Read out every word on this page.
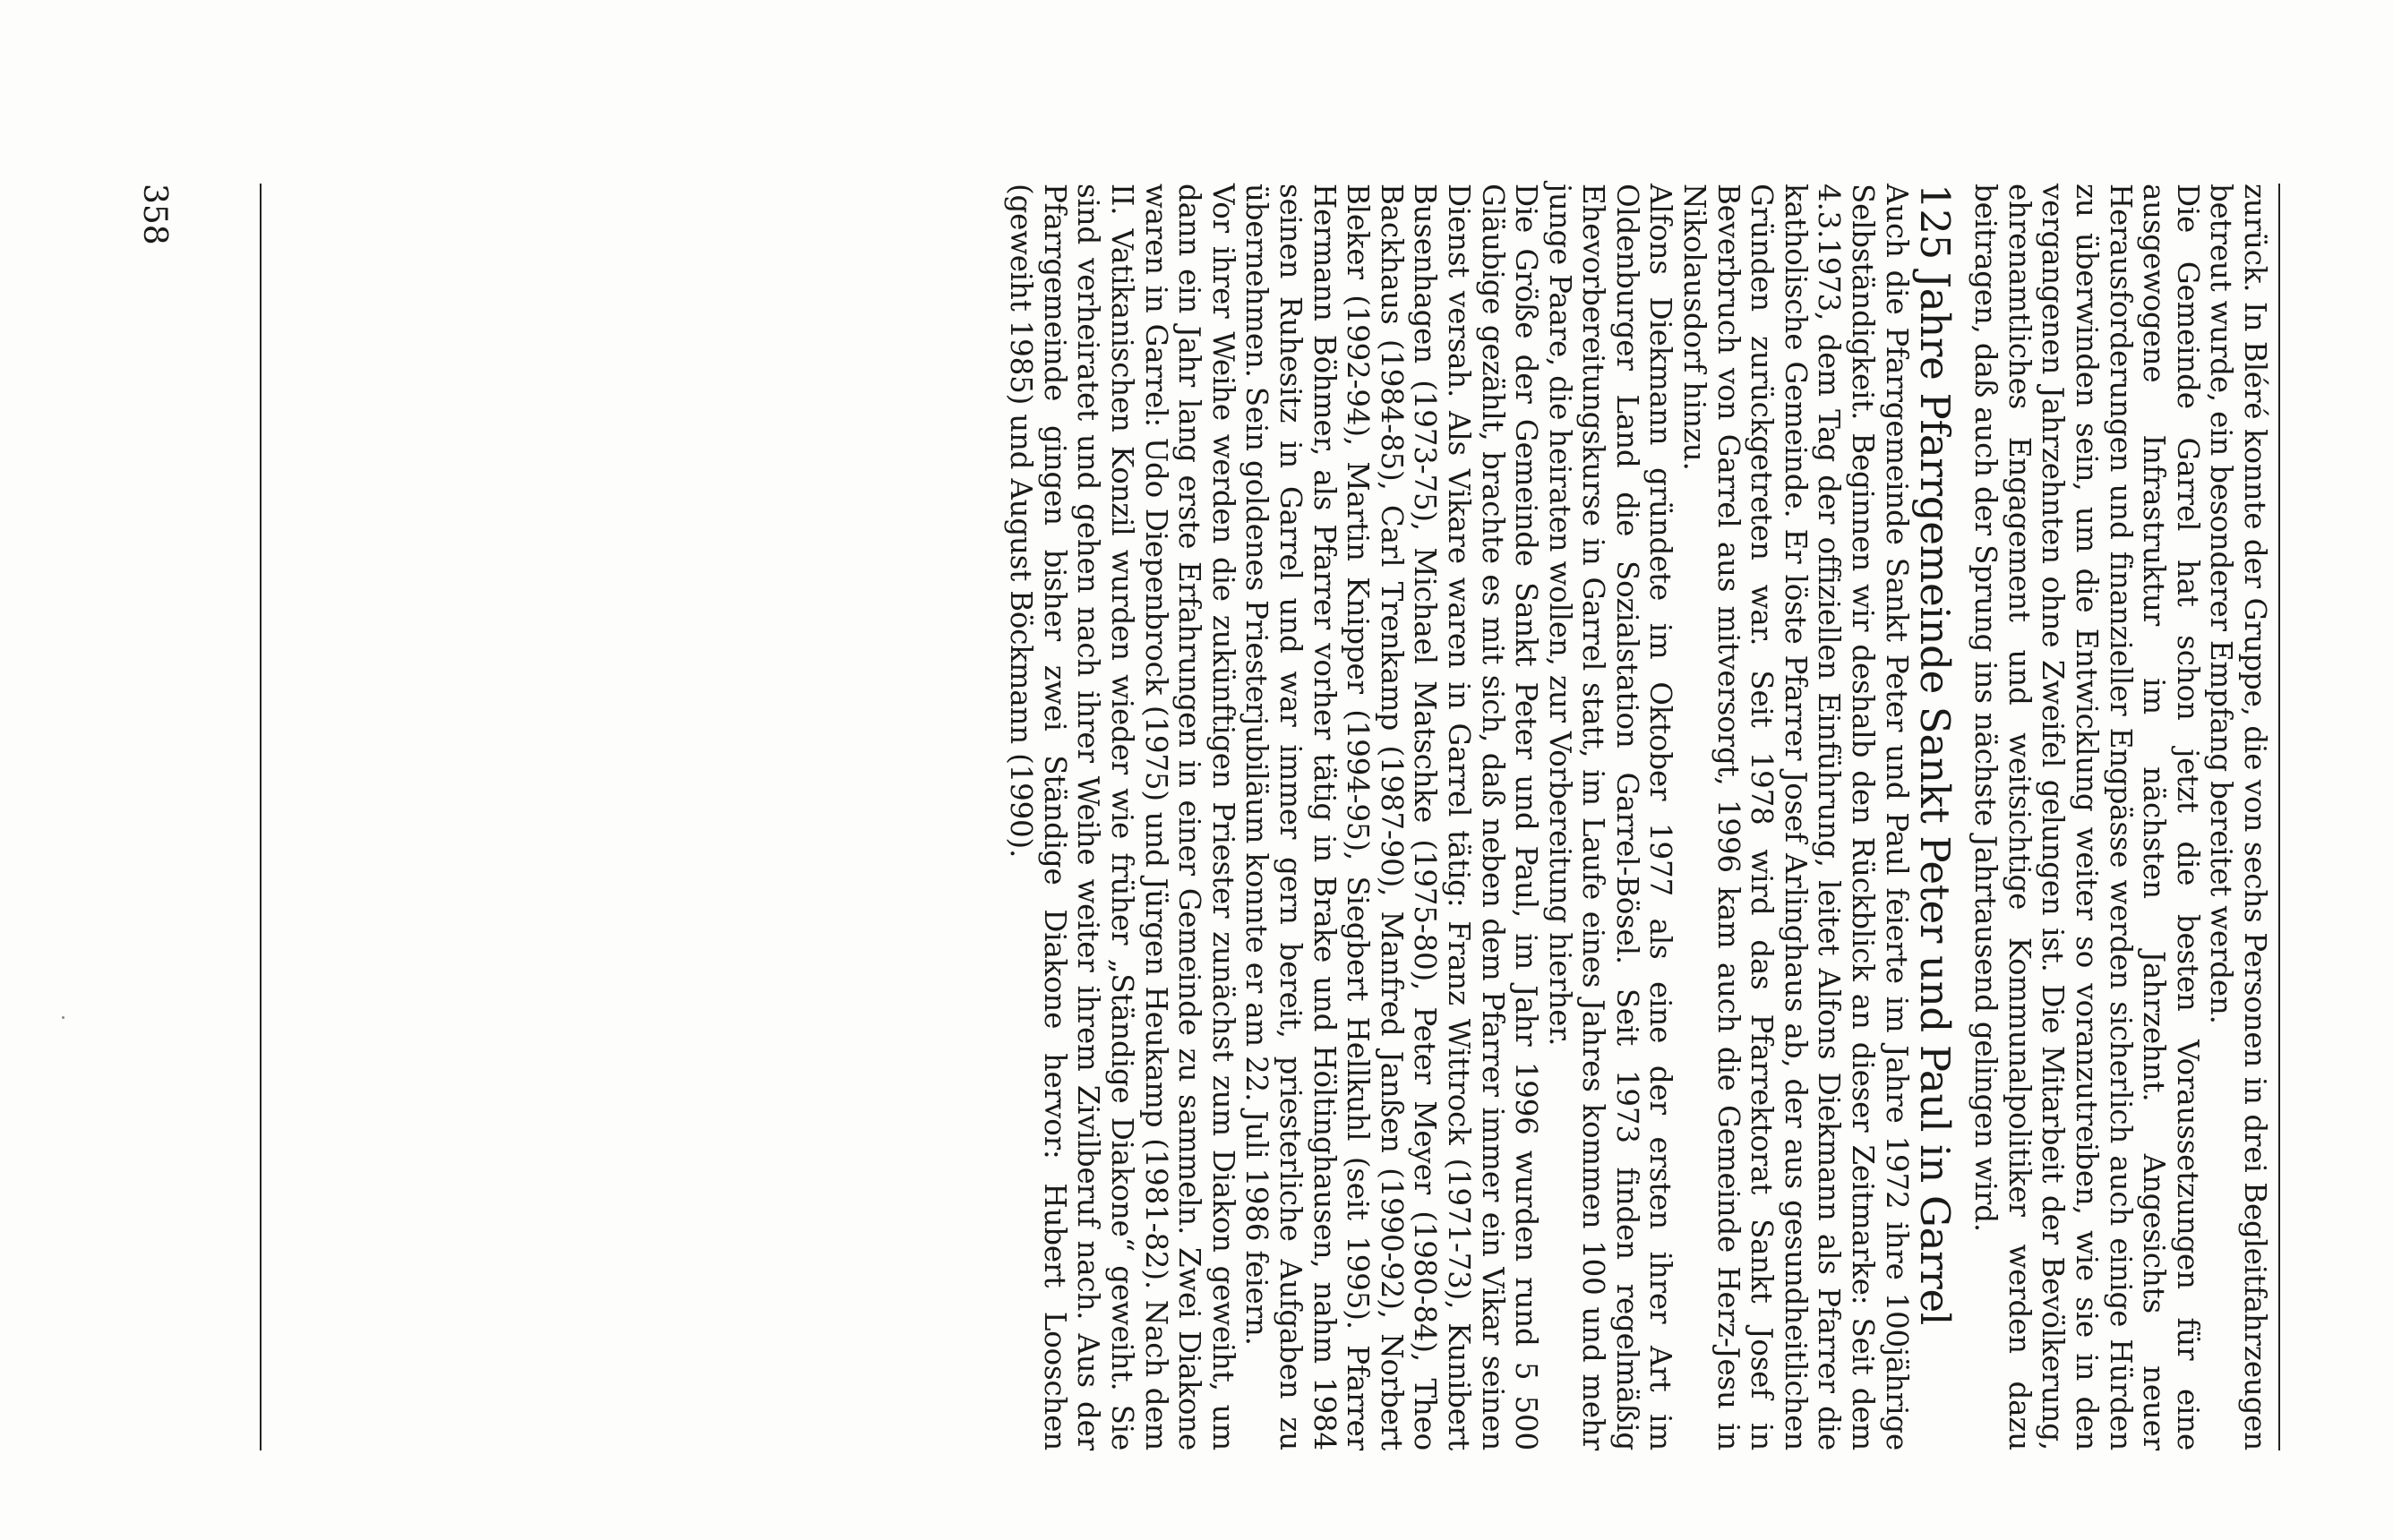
zurück. In Bléré konnte der Gruppe, die von sechs Personen in drei Begleitfahrzeugen betreut wurde, ein besonderer Empfang bereitet werden.

Die Gemeinde Garrel hat schon jetzt die besten Voraussetzungen für eine ausgewogene Infrastruktur im nächsten Jahrzehnt. Angesichts neuer Herausforderungen und finanzieller Engpässe werden sicherlich auch einige Hürden zu überwinden sein, um die Entwicklung weiter so voranzutreiben, wie sie in den vergangenen Jahrzehnten ohne Zweifel gelungen ist. Die Mitarbeit der Bevölkerung, ehrenamtliches Engagement und weitsichtige Kommunalpolitiker werden dazu beitragen, daß auch der Sprung ins nächste Jahrtausend gelingen wird.

125 Jahre Pfarrgemeinde Sankt Peter und Paul in Garrel

Auch die Pfarrgemeinde Sankt Peter und Paul feierte im Jahre 1972 ihre 100jährige Selbständigkeit. Beginnen wir deshalb den Rückblick an dieser Zeitmarke: Seit dem 4.3.1973, dem Tag der offiziellen Einführung, leitet Alfons Diekmann als Pfarrer die katholische Gemeinde. Er löste Pfarrer Josef Arlinghaus ab, der aus gesundheitlichen Gründen zurückgetreten war. Seit 1978 wird das Pfarrektorat Sankt Josef in Beverbruch von Garrel aus mitversorgt, 1996 kam auch die Gemeinde Herz-Jesu in Nikolausdorf hinzu.

Alfons Diekmann gründete im Oktober 1977 als eine der ersten ihrer Art im Oldenburger Land die Sozialstation Garrel-Bösel. Seit 1973 finden regelmäßig Ehevorbereitungskurse in Garrel statt, im Laufe eines Jahres kommen 100 und mehr junge Paare, die heiraten wollen, zur Vorbereitung hierher.

Die Größe der Gemeinde Sankt Peter und Paul, im Jahr 1996 wurden rund 5 500 Gläubige gezählt, brachte es mit sich, daß neben dem Pfarrer immer ein Vikar seinen Dienst versah. Als Vikare waren in Garrel tätig: Franz Wittrock (1971-73), Kunibert Busenhagen (1973-75), Michael Matschke (1975-80), Peter Meyer (1980-84), Theo Backhaus (1984-85), Carl Trenkamp (1987-90), Manfred Janßen (1990-92), Norbert Bleker (1992-94), Martin Knipper (1994-95), Siegbert Hellkuhl (seit 1995). Pfarrer Hermann Böhmer, als Pfarrer vorher tätig in Brake und Höltinghausen, nahm 1984 seinen Ruhesitz in Garrel und war immer gern bereit, priesterliche Aufgaben zu übernehmen. Sein goldenes Priesterjubiläum konnte er am 22. Juli 1986 feiern.

Vor ihrer Weihe werden die zukünftigen Priester zunächst zum Diakon geweiht, um dann ein Jahr lang erste Erfahrungen in einer Gemeinde zu sammeln. Zwei Diakone waren in Garrel: Udo Diepenbrock (1975) und Jürgen Heukamp (1981-82). Nach dem II. Vatikanischen Konzil wurden wieder wie früher „Ständige Diakone“ geweiht. Sie sind verheiratet und gehen nach ihrer Weihe weiter ihrem Zivilberuf nach. Aus der Pfarrgemeinde gingen bisher zwei Ständige Diakone hervor: Hubert Looschen (geweiht 1985) und August Böckmann (1990).

358
